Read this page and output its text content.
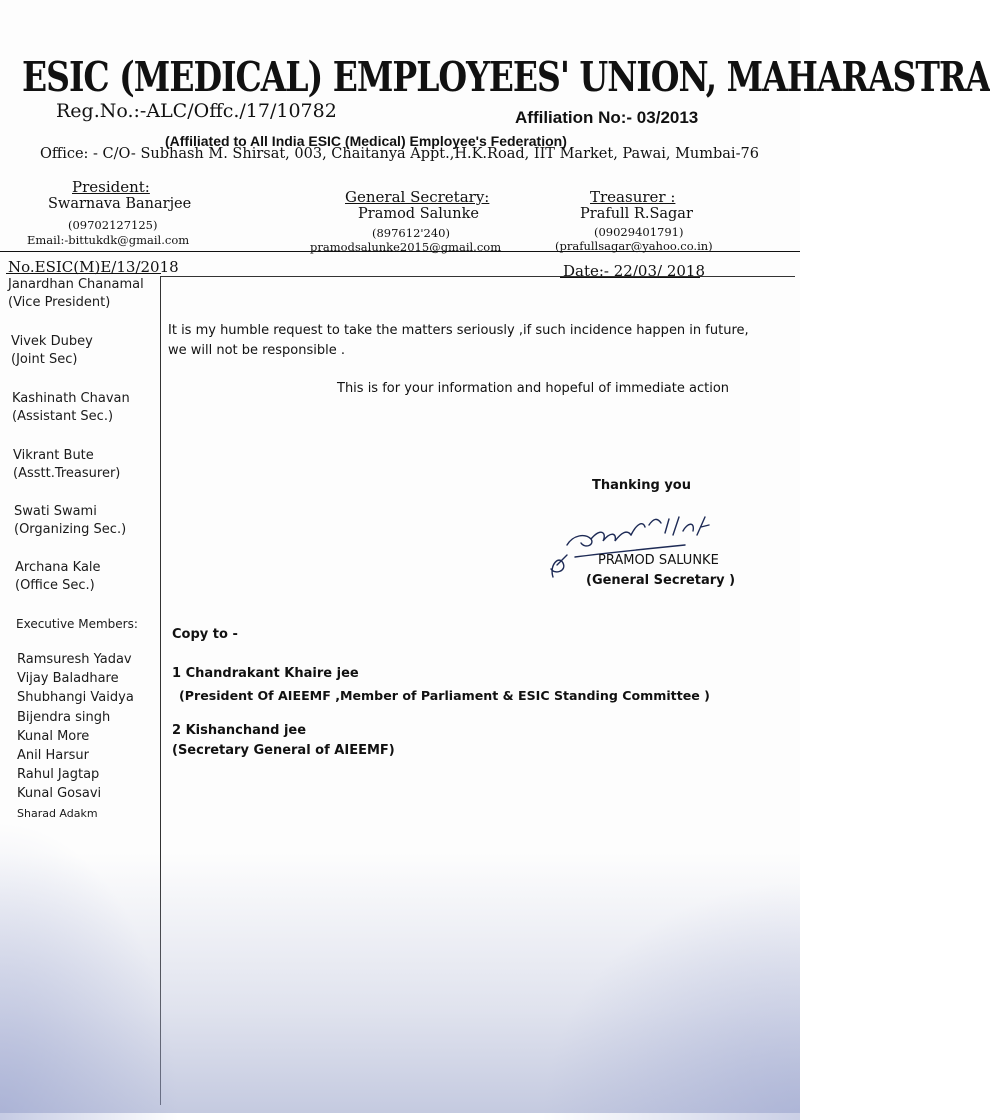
ESIC (MEDICAL) EMPLOYEES' UNION, MAHARASTRA
Reg.No.:-ALC/Offc./17/10782	Affiliation No:- 03/2013
(Affiliated to All India ESIC (Medical) Employee's Federation)
Office: - C/O- Subhash M. Shirsat, 003, Chaitanya Appt.,H.K.Road, IIT Market, Pawai, Mumbai-76
President:
Swarnava Banarjee
(09702127125)
Email:-bittukdk@gmail.com
General Secretary:
Pramod Salunke
(897612'240)
pramodsalunke2015@gmail.com
Treasurer :
Prafull R.Sagar
(09029401791)
(prafullsagar@yahoo.co.in)
No.ESIC(M)E/13/2018	Date:- 22/03/ 2018
Janardhan Chanamal
(Vice President)
Vivek Dubey
(Joint Sec)
Kashinath Chavan
(Assistant Sec.)
Vikrant Bute
(Asstt.Treasurer)
Swati Swami
(Organizing Sec.)
Archana Kale
(Office Sec.)
Executive Members:
Ramsuresh Yadav
Vijay Baladhare
Shubhangi Vaidya
Bijendra singh
Kunal More
Anil Harsur
Rahul Jagtap
Kunal Gosavi
Sharad Adakm
It is my humble request to take the matters seriously ,if such incidence happen in future,
we will not be responsible .
This is for your information and hopeful of immediate action
Thanking you
PRAMOD SALUNKE
(General Secretary )
Copy to -
1 Chandrakant Khaire jee
(President Of AIEEMF ,Member of Parliament & ESIC Standing Committee )
2 Kishanchand jee
(Secretary General of AIEEMF)
